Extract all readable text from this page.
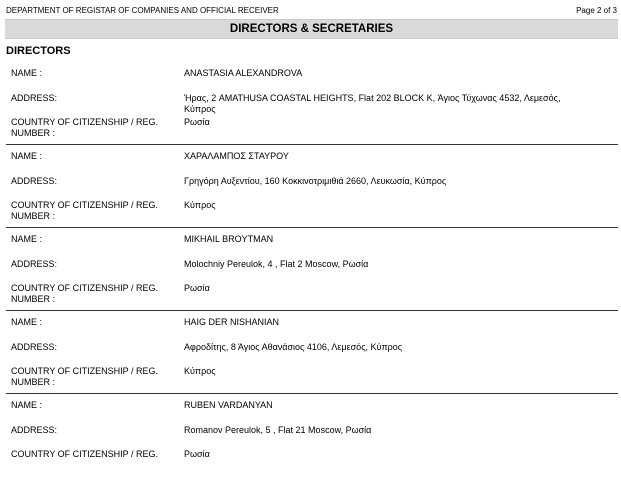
DEPARTMENT OF REGISTAR OF COMPANIES AND OFFICIAL RECEIVER	Page 2 of 3
DIRECTORS & SECRETARIES
DIRECTORS
NAME :	ANASTASIA ALEXANDROVA
ADDRESS:	Ήρας, 2 AMATHUSA COASTAL HEIGHTS, Flat 202 BLOCK K, Άγιος Τύχωνας 4532, Λεμεσός,
Κύπρος
COUNTRY OF CITIZENSHIP / REG.
NUMBER :
Ρωσία
NAME :	ΧΑΡΑΛΑΜΠΟΣ ΣΤΑΥΡΟΥ
ADDRESS:	Γρηγόρη Αυξεντίου, 160 Κοκκινοτριμιθιά 2660, Λευκωσία, Κύπρος
COUNTRY OF CITIZENSHIP / REG.
NUMBER :
Κύπρος
NAME :	MIKHAIL BROYTMAN
ADDRESS:	Molochniy Pereulok, 4 , Flat 2 Moscow, Ρωσία
COUNTRY OF CITIZENSHIP / REG.
NUMBER :
Ρωσία
NAME :	HAIG DER NISHANIAN
ADDRESS:	Αφροδίτης, 8 Άγιος Αθανάσιος 4106, Λεμεσός, Κύπρος
COUNTRY OF CITIZENSHIP / REG.
NUMBER :
Κύπρος
NAME :	RUBEN VARDANYAN
ADDRESS:	Romanov Pereulok, 5 , Flat 21 Moscow, Ρωσία
COUNTRY OF CITIZENSHIP / REG.	Ρωσία
